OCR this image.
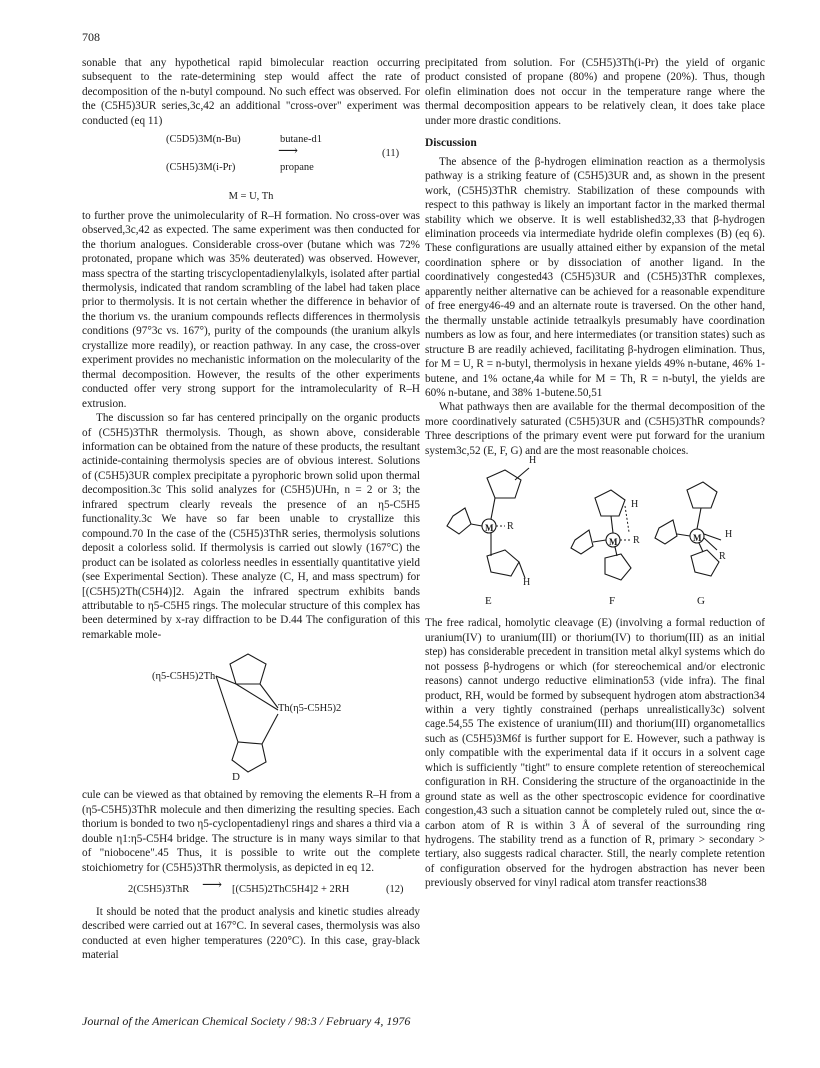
708

sonable that any hypothetical rapid bimolecular reaction occurring subsequent to the rate-determining step would affect the rate of decomposition of the n-butyl compound. No such effect was observed. For the (C5H5)3UR series,3c,42 an additional "cross-over" experiment was conducted (eq 11)

(C5D5)3M(n-Bu)	butane-d1
⟶	(11)
(C5H5)3M(i-Pr)	propane
M = U, Th

to further prove the unimolecularity of R–H formation. No cross-over was observed,3c,42 as expected. The same experiment was then conducted for the thorium analogues. Considerable cross-over (butane which was 72% protonated, propane which was 35% deuterated) was observed. However, mass spectra of the starting triscyclopentadienylalkyls, isolated after partial thermolysis, indicated that random scrambling of the label had taken place prior to thermolysis. It is not certain whether the difference in behavior of the thorium vs. the uranium compounds reflects differences in thermolysis conditions (97°3c vs. 167°), purity of the compounds (the uranium alkyls crystallize more readily), or reaction pathway. In any case, the cross-over experiment provides no mechanistic information on the molecularity of the thermal decomposition. However, the results of the other experiments conducted offer very strong support for the intramolecularity of R–H extrusion.

The discussion so far has centered principally on the organic products of (C5H5)3ThR thermolysis. Though, as shown above, considerable information can be obtained from the nature of these products, the resultant actinide-containing thermolysis species are of obvious interest. Solutions of (C5H5)3UR complex precipitate a pyrophoric brown solid upon thermal decomposition.3c This solid analyzes for (C5H5)UHn, n = 2 or 3; the infrared spectrum clearly reveals the presence of an η5-C5H5 functionality.3c We have so far been unable to crystallize this compound.70 In the case of the (C5H5)3ThR series, thermolysis solutions deposit a colorless solid. If thermolysis is carried out slowly (167°C) the product can be isolated as colorless needles in essentially quantitative yield (see Experimental Section). These analyze (C, H, and mass spectrum) for [(C5H5)2Th(C5H4)]2. Again the infrared spectrum exhibits bands attributable to η5-C5H5 rings. The molecular structure of this complex has been determined by x-ray diffraction to be D.44 The configuration of this remarkable mole-

(η5-C5H5)2Th
Th(η5-C5H5)2
D

cule can be viewed as that obtained by removing the elements R–H from a (η5-C5H5)3ThR molecule and then dimerizing the resulting species. Each thorium is bonded to two η5-cyclopentadienyl rings and shares a third via a double η1:η5-C5H4 bridge. The structure is in many ways similar to that of "niobocene".45 Thus, it is possible to write out the complete stoichiometry for (C5H5)3ThR thermolysis, as depicted in eq 12.

2(C5H5)3ThR ⟶ [(C5H5)2ThC5H4]2 + 2RH	(12)

It should be noted that the product analysis and kinetic studies already described were carried out at 167°C. In several cases, thermolysis was also conducted at even higher temperatures (220°C). In this case, gray-black material

precipitated from solution. For (C5H5)3Th(i-Pr) the yield of organic product consisted of propane (80%) and propene (20%). Thus, though olefin elimination does not occur in the temperature range where the thermal decomposition appears to be relatively clean, it does take place under more drastic conditions.

Discussion

The absence of the β-hydrogen elimination reaction as a thermolysis pathway is a striking feature of (C5H5)3UR and, as shown in the present work, (C5H5)3ThR chemistry. Stabilization of these compounds with respect to this pathway is likely an important factor in the marked thermal stability which we observe. It is well established32,33 that β-hydrogen elimination proceeds via intermediate hydride olefin complexes (B) (eq 6). These configurations are usually attained either by expansion of the metal coordination sphere or by dissociation of another ligand. In the coordinatively congested43 (C5H5)3UR and (C5H5)3ThR complexes, apparently neither alternative can be achieved for a reasonable expenditure of free energy46-49 and an alternate route is traversed. On the other hand, the thermally unstable actinide tetraalkyls presumably have coordination numbers as low as four, and here intermediates (or transition states) such as structure B are readily achieved, facilitating β-hydrogen elimination. Thus, for M = U, R = n-butyl, thermolysis in hexane yields 49% n-butane, 46% 1-butene, and 1% octane,4a while for M = Th, R = n-butyl, the yields are 60% n-butane, and 38% 1-butene.50,51

What pathways then are available for the thermal decomposition of the more coordinatively saturated (C5H5)3UR and (C5H5)3ThR compounds? Three descriptions of the primary event were put forward for the uranium system3c,52 (E, F, G) and are the most reasonable choices.

M
M	M
H
R
H
H
R
H
R
E	F	G

The free radical, homolytic cleavage (E) (involving a formal reduction of uranium(IV) to uranium(III) or thorium(IV) to thorium(III) as an initial step) has considerable precedent in transition metal alkyl systems which do not possess β-hydrogens or which (for stereochemical and/or electronic reasons) cannot undergo reductive elimination53 (vide infra). The final product, RH, would be formed by subsequent hydrogen atom abstraction34 within a very tightly constrained (perhaps unrealistically3c) solvent cage.54,55 The existence of uranium(III) and thorium(III) organometallics such as (C5H5)3M6f is further support for E. However, such a pathway is only compatible with the experimental data if it occurs in a solvent cage which is sufficiently "tight" to ensure complete retention of stereochemical configuration in RH. Considering the structure of the organoactinide in the ground state as well as the other spectroscopic evidence for coordinative congestion,43 such a situation cannot be completely ruled out, since the α-carbon atom of R is within 3 Å of several of the surrounding ring hydrogens. The stability trend as a function of R, primary > secondary > tertiary, also suggests radical character. Still, the nearly complete retention of configuration observed for the hydrogen abstraction has never been previously observed for vinyl radical atom transfer reactions38

Journal of the American Chemical Society / 98:3 / February 4, 1976
